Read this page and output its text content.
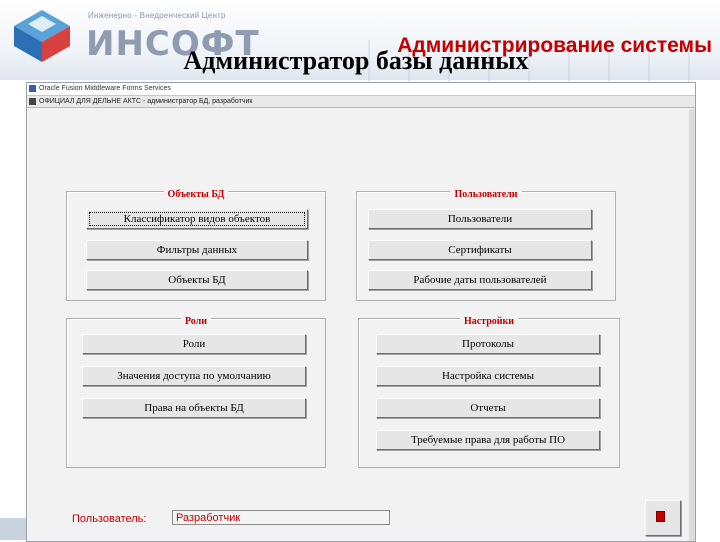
Инженерно - Внедренческий Центр
ИНСОФТ	Администрирование системы
Oracle Fusion Middleware Forms Services
ОФИЦИАЛ ДЛЯ ДЕЛЬНЕ АКТС - администратор БД, разработчик
Администратор базы данных
Объекты БД
Классификатор видов объектов
Фильтры данных
Объекты БД
Пользователи
Пользователи
Сертификаты
Рабочие даты пользователей
Роли
Роли
Значения доступа по умолчанию
Права на объекты БД
Настройки
Протоколы
Настройка системы
Отчеты
Требуемые права для работы ПО
Пользователь:	Разработчик
